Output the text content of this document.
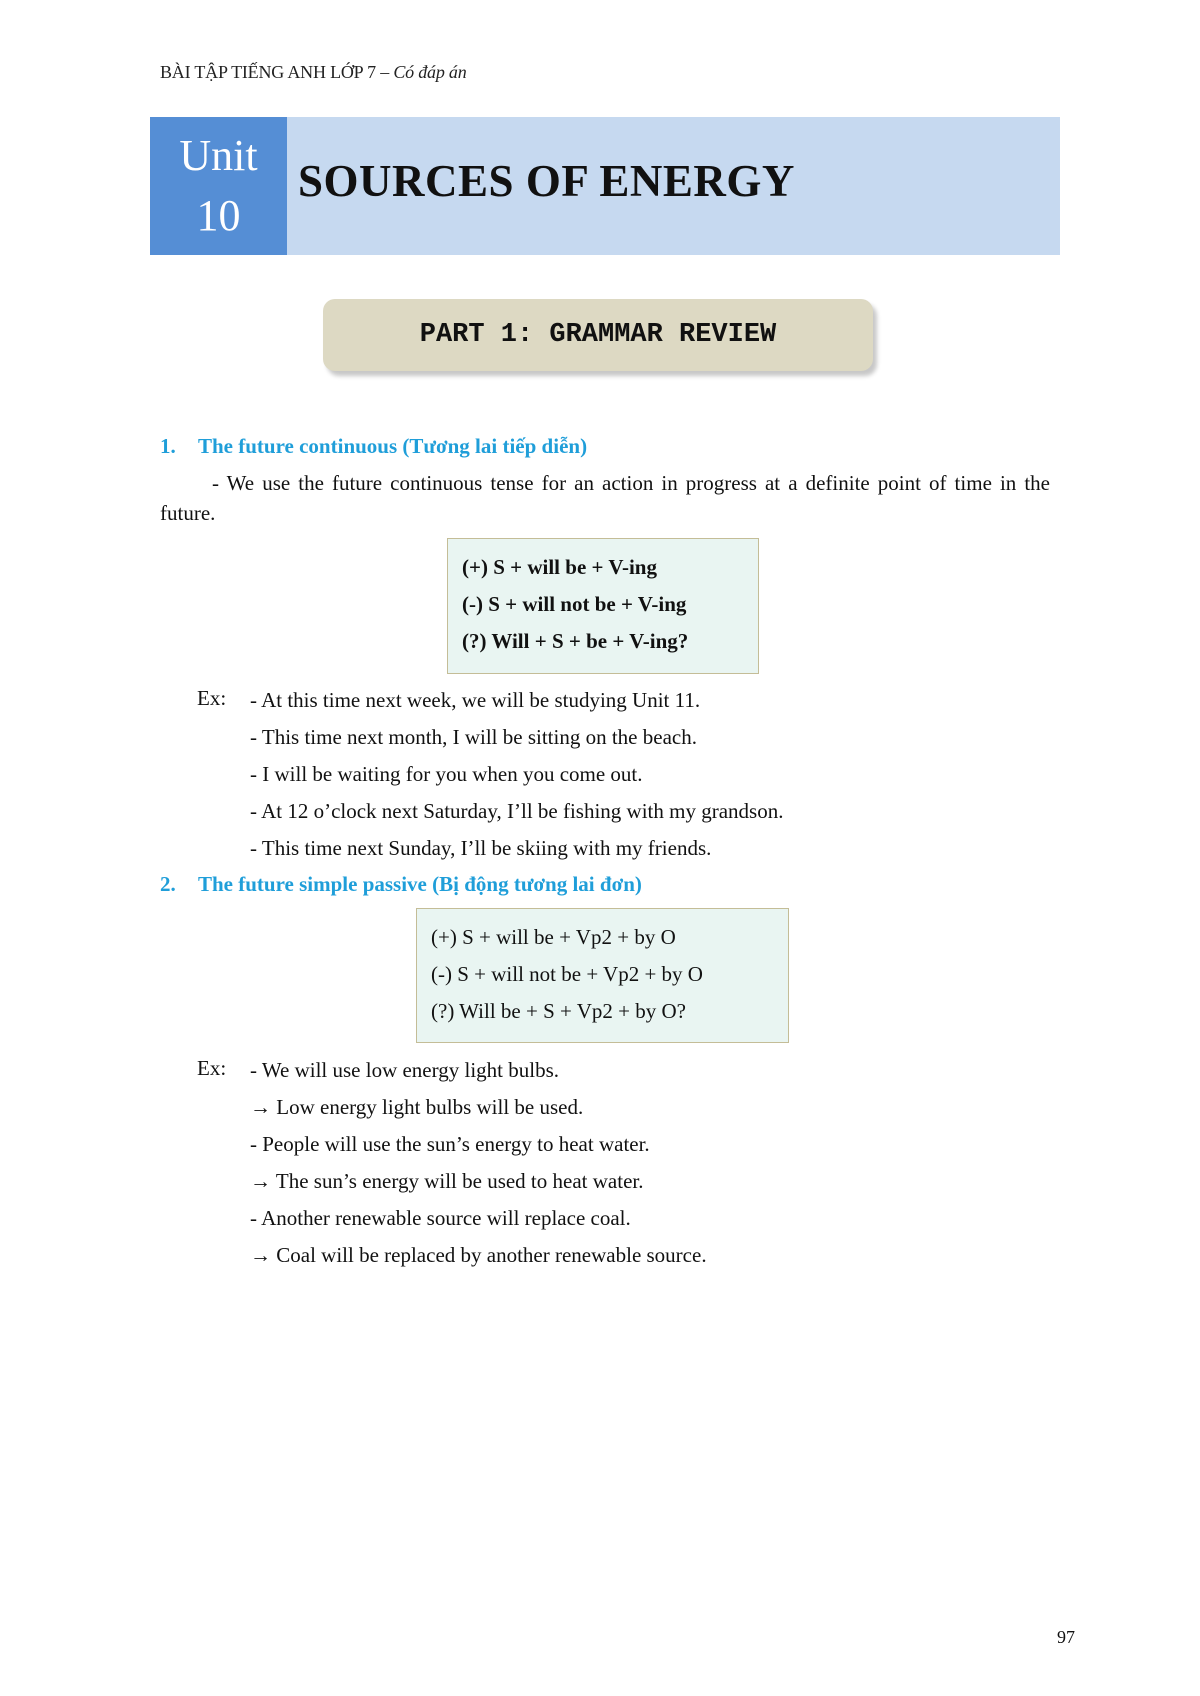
BÀI TẬP TIẾNG ANH LỚP 7 – Có đáp án
Unit
10
SOURCES OF ENERGY
PART 1: GRAMMAR REVIEW
1. The future continuous (Tương lai tiếp diễn)
- We use the future continuous tense for an action in progress at a definite point of time in the future.
(+) S + will be + V-ing
(-) S + will not be + V-ing
(?) Will + S + be + V-ing?
Ex: - At this time next week, we will be studying Unit 11.
- This time next month, I will be sitting on the beach.
- I will be waiting for you when you come out.
- At 12 o’clock next Saturday, I’ll be fishing with my grandson.
- This time next Sunday, I’ll be skiing with my friends.
2. The future simple passive (Bị động tương lai đơn)
(+) S + will be + Vp2 + by O
(-) S + will not be + Vp2 + by O
(?) Will be + S + Vp2 + by O?
Ex: - We will use low energy light bulbs.
→ Low energy light bulbs will be used.
- People will use the sun’s energy to heat water.
→ The sun’s energy will be used to heat water.
- Another renewable source will replace coal.
→ Coal will be replaced by another renewable source.
97
